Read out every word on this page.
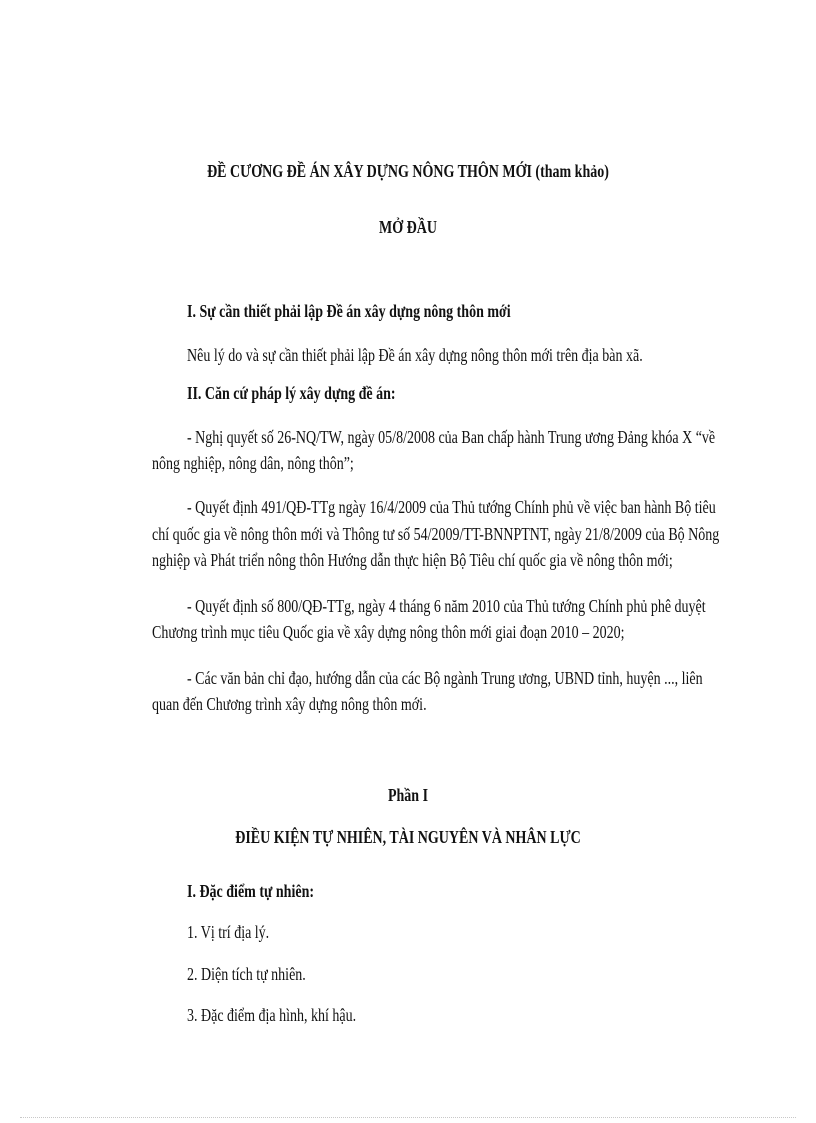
ĐỀ CƯƠNG ĐỀ ÁN XÂY DỰNG NÔNG THÔN MỚI (tham khảo)
MỞ ĐẦU
I. Sự cần thiết phải lập Đề án xây dựng nông thôn mới
Nêu lý do và sự cần thiết phải lập Đề án xây dựng nông thôn mới trên địa bàn xã.
II. Căn cứ pháp lý xây dựng đề án:
- Nghị quyết số 26-NQ/TW, ngày 05/8/2008 của Ban chấp hành Trung ương Đảng khóa X “về
nông nghiệp, nông dân, nông thôn”;
- Quyết định 491/QĐ-TTg ngày 16/4/2009 của Thủ tướng Chính phủ về việc ban hành Bộ tiêu
chí quốc gia về nông thôn mới và Thông tư số 54/2009/TT-BNNPTNT, ngày 21/8/2009 của Bộ Nông
nghiệp và Phát triển nông thôn Hướng dẫn thực hiện Bộ Tiêu chí quốc gia về nông thôn mới;
- Quyết định số 800/QĐ-TTg, ngày 4 tháng 6 năm 2010 của Thủ tướng Chính phủ phê duyệt
Chương trình mục tiêu Quốc gia về xây dựng nông thôn mới giai đoạn 2010 – 2020;
- Các văn bản chỉ đạo, hướng dẫn của các Bộ ngành Trung ương, UBND tỉnh, huyện ..., liên
quan đến Chương trình xây dựng nông thôn mới.
Phần I
ĐIỀU KIỆN TỰ NHIÊN, TÀI NGUYÊN VÀ NHÂN LỰC
I. Đặc điểm tự nhiên:
1. Vị trí địa lý.
2. Diện tích tự nhiên.
3. Đặc điểm địa hình, khí hậu.
